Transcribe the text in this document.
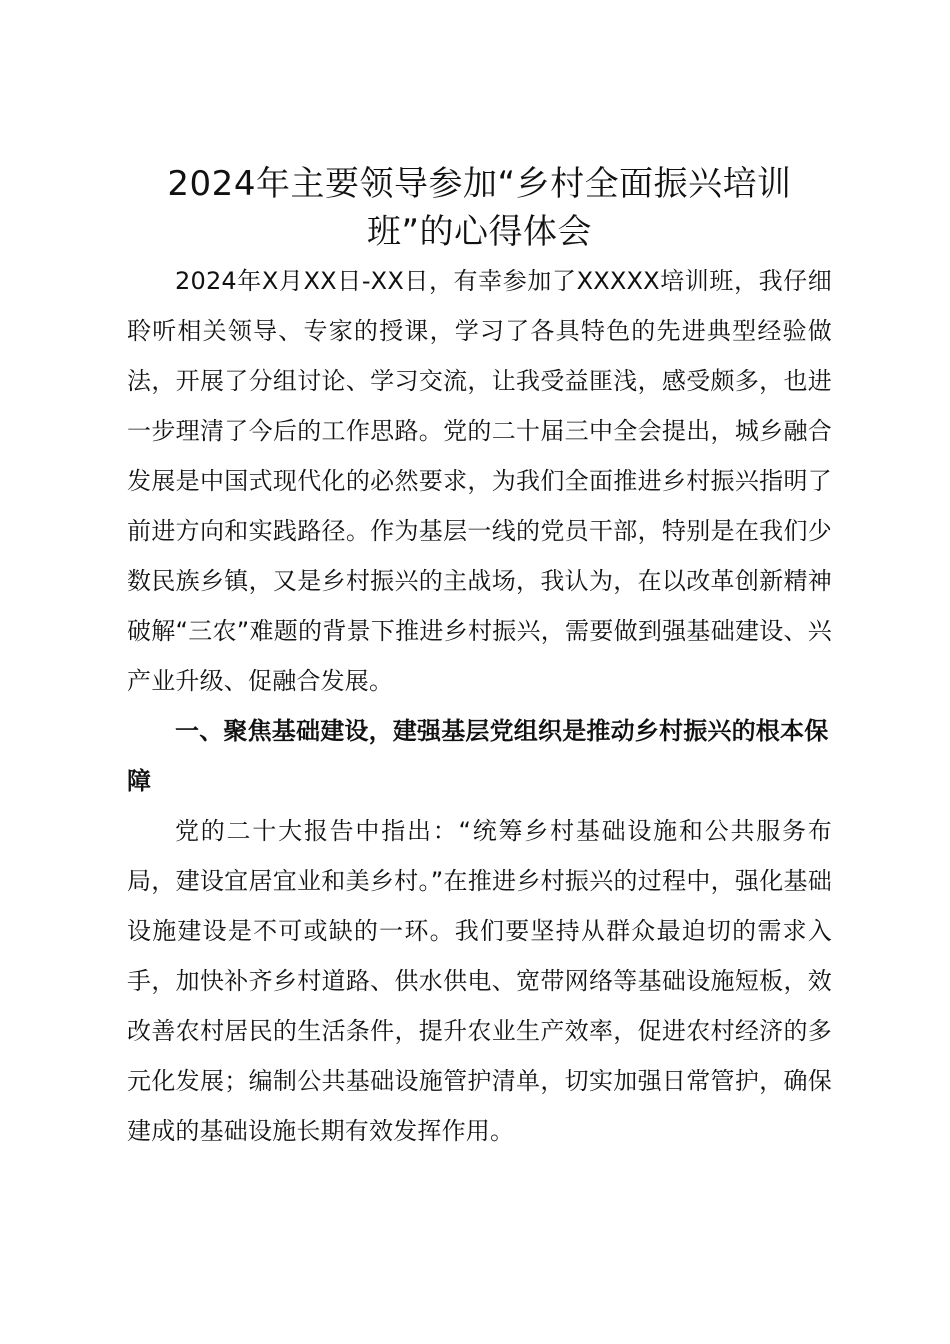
2024年主要领导参加“乡村全面振兴培训班”的心得体会

2024年X月XX日-XX日，有幸参加了XXXXX培训班，我仔细聆听相关领导、专家的授课，学习了各具特色的先进典型经验做法，开展了分组讨论、学习交流，让我受益匪浅，感受颇多，也进一步理清了今后的工作思路。党的二十届三中全会提出，城乡融合发展是中国式现代化的必然要求，为我们全面推进乡村振兴指明了前进方向和实践路径。作为基层一线的党员干部，特别是在我们少数民族乡镇，又是乡村振兴的主战场，我认为，在以改革创新精神破解“三农”难题的背景下推进乡村振兴，需要做到强基础建设、兴产业升级、促融合发展。

一、聚焦基础建设，建强基层党组织是推动乡村振兴的根本保障

党的二十大报告中指出：“统筹乡村基础设施和公共服务布局，建设宜居宜业和美乡村。”在推进乡村振兴的过程中，强化基础设施建设是不可或缺的一环。我们要坚持从群众最迫切的需求入手，加快补齐乡村道路、供水供电、宽带网络等基础设施短板，效改善农村居民的生活条件，提升农业生产效率，促进农村经济的多元化发展；编制公共基础设施管护清单，切实加强日常管护，确保建成的基础设施长期有效发挥作用。
